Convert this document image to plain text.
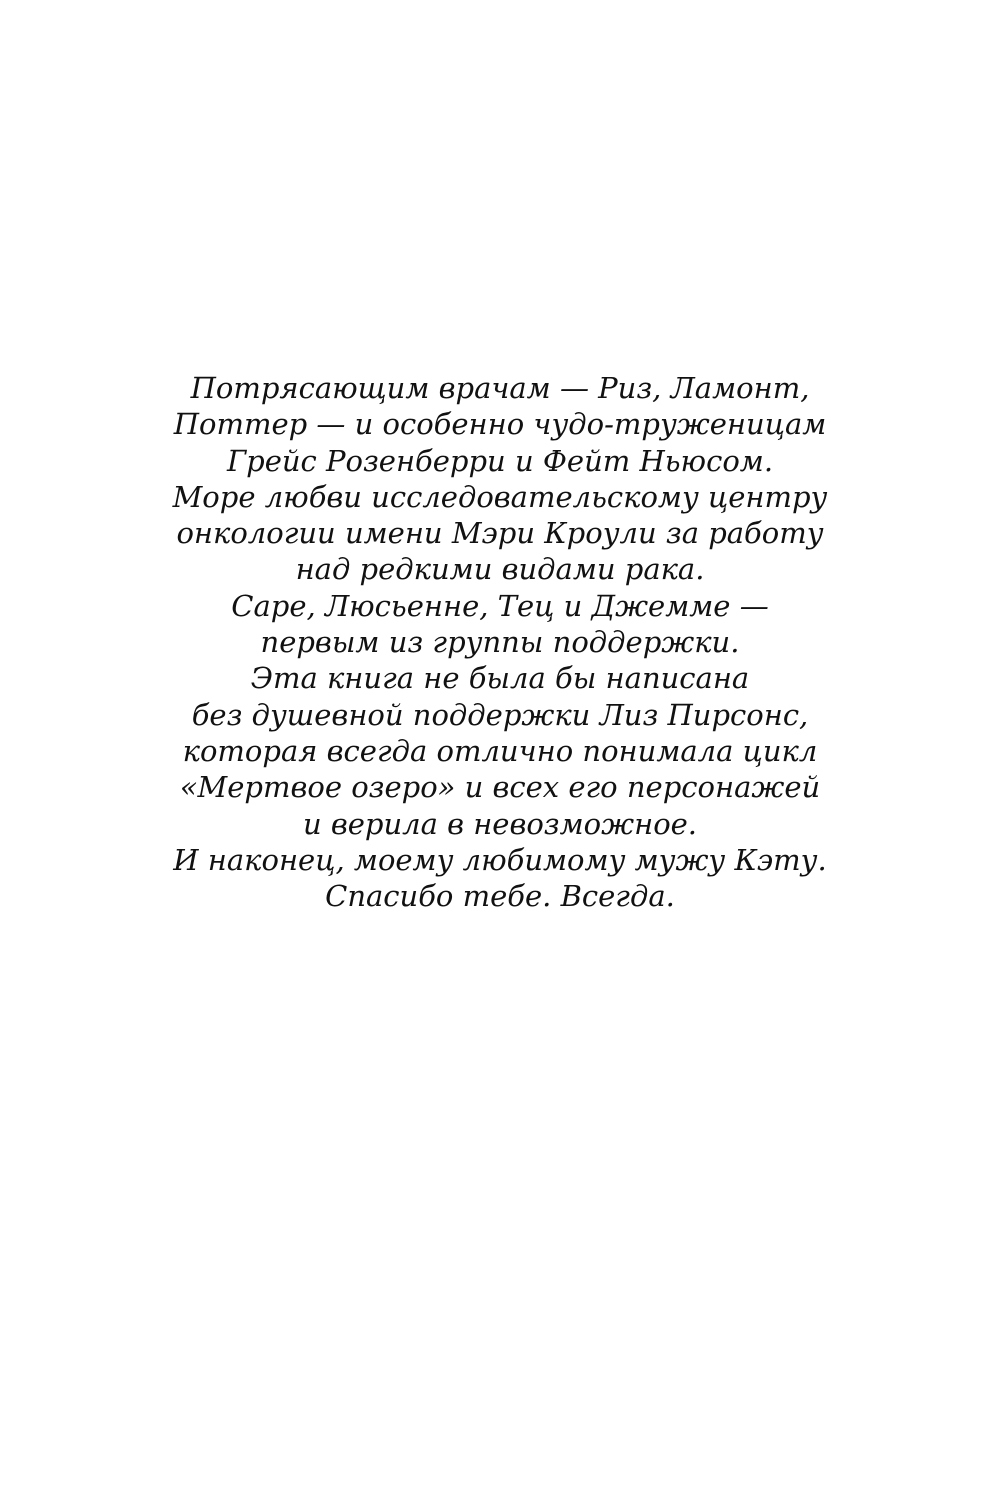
Потрясающим врачам — Риз, Ламонт,
Поттер — и особенно чудо-труженицам
Грейс Розенберри и Фейт Ньюсом.
Море любви исследовательскому центру
онкологии имени Мэри Кроули за работу
над редкими видами рака.
Саре, Люсьенне, Тец и Джемме —
первым из группы поддержки.
Эта книга не была бы написана
без душевной поддержки Лиз Пирсонс,
которая всегда отлично понимала цикл
«Мертвое озеро» и всех его персонажей
и верила в невозможное.
И наконец, моему любимому мужу Кэту.
Спасибо тебе. Всегда.
